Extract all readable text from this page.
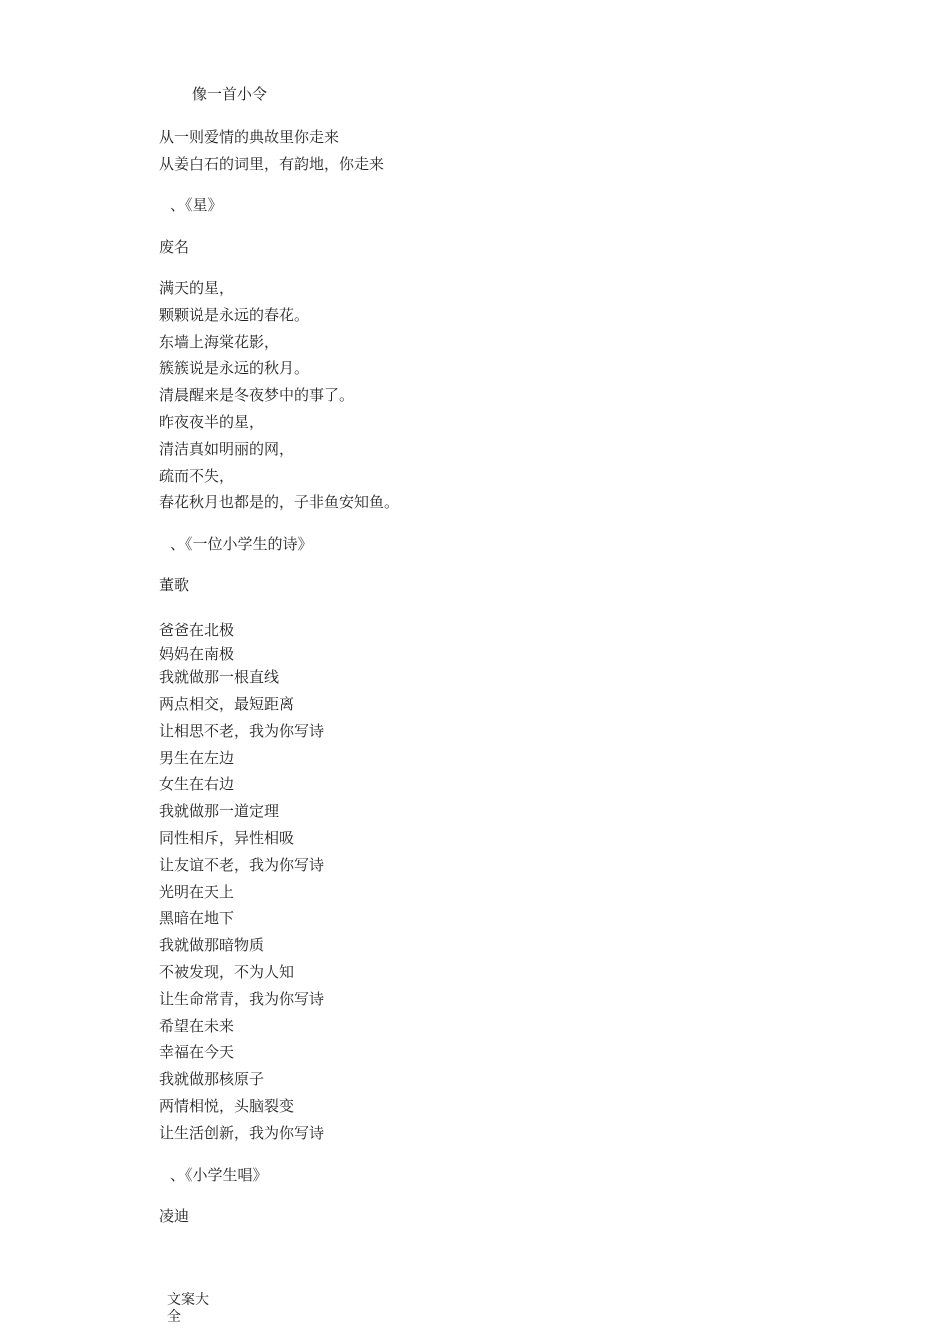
像一首小令
从一则爱情的典故里你走来
从姜白石的词里，有韵地，你走来
、《星》
废名
满天的星，
颗颗说是永远的春花。
东墙上海棠花影，
簇簇说是永远的秋月。
清晨醒来是冬夜梦中的事了。
昨夜夜半的星，
清洁真如明丽的网，
疏而不失，
春花秋月也都是的，子非鱼安知鱼。
、《一位小学生的诗》
董歌
爸爸在北极
妈妈在南极
我就做那一根直线
两点相交，最短距离
让相思不老，我为你写诗
男生在左边
女生在右边
我就做那一道定理
同性相斥，异性相吸
让友谊不老，我为你写诗
光明在天上
黑暗在地下
我就做那暗物质
不被发现，不为人知
让生命常青，我为你写诗
希望在未来
幸福在今天
我就做那核原子
两情相悦，头脑裂变
让生活创新，我为你写诗
、《小学生唱》
凌迪
文案大全
